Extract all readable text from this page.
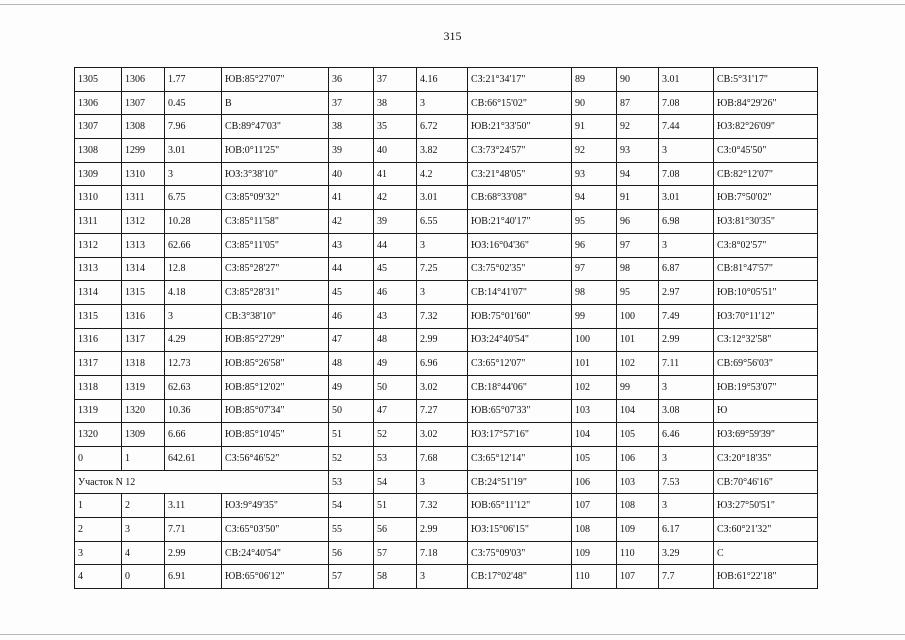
315
1305	1306	1.77	ЮВ:85°27'07"	36	37	4.16	СЗ:21°34'17"	89	90	3.01	СВ:5°31'17"
1306	1307	0.45	В	37	38	3	СВ:66°15'02"	90	87	7.08	ЮВ:84°29'26"
1307	1308	7.96	СВ:89°47'03"	38	35	6.72	ЮВ:21°33'50"	91	92	7.44	ЮЗ:82°26'09"
1308	1299	3.01	ЮВ:0°11'25"	39	40	3.82	СЗ:73°24'57"	92	93	3	СЗ:0°45'50"
1309	1310	3	ЮЗ:3°38'10"	40	41	4.2	СЗ:21°48'05"	93	94	7.08	СВ:82°12'07"
1310	1311	6.75	СЗ:85°09'32"	41	42	3.01	СВ:68°33'08"	94	91	3.01	ЮВ:7°50'02"
1311	1312	10.28	СЗ:85°11'58"	42	39	6.55	ЮВ:21°40'17"	95	96	6.98	ЮЗ:81°30'35"
1312	1313	62.66	СЗ:85°11'05"	43	44	3	ЮЗ:16°04'36"	96	97	3	СЗ:8°02'57"
1313	1314	12.8	СЗ:85°28'27"	44	45	7.25	СЗ:75°02'35"	97	98	6.87	СВ:81°47'57"
1314	1315	4.18	СЗ:85°28'31"	45	46	3	СВ:14°41'07"	98	95	2.97	ЮВ:10°05'51"
1315	1316	3	СВ:3°38'10"	46	43	7.32	ЮВ:75°01'60"	99	100	7.49	ЮЗ:70°11'12"
1316	1317	4.29	ЮВ:85°27'29"	47	48	2.99	ЮЗ:24°40'54"	100	101	2.99	СЗ:12°32'58"
1317	1318	12.73	ЮВ:85°26'58"	48	49	6.96	СЗ:65°12'07"	101	102	7.11	СВ:69°56'03"
1318	1319	62.63	ЮВ:85°12'02"	49	50	3.02	СВ:18°44'06"	102	99	3	ЮВ:19°53'07"
1319	1320	10.36	ЮВ:85°07'34"	50	47	7.27	ЮВ:65°07'33"	103	104	3.08	Ю
1320	1309	6.66	ЮВ:85°10'45"	51	52	3.02	ЮЗ:17°57'16"	104	105	6.46	ЮЗ:69°59'39"
0	1	642.61	СЗ:56°46'52"	52	53	7.68	СЗ:65°12'14"	105	106	3	СЗ:20°18'35"
Участок N 12				53	54	3	СВ:24°51'19"	106	103	7.53	СВ:70°46'16"
1	2	3.11	ЮЗ:9°49'35"	54	51	7.32	ЮВ:65°11'12"	107	108	3	ЮЗ:27°50'51"
2	3	7.71	СЗ:65°03'50"	55	56	2.99	ЮЗ:15°06'15"	108	109	6.17	СЗ:60°21'32"
3	4	2.99	СВ:24°40'54"	56	57	7.18	СЗ:75°09'03"	109	110	3.29	С
4	0	6.91	ЮВ:65°06'12"	57	58	3	СВ:17°02'48"	110	107	7.7	ЮВ:61°22'18"
